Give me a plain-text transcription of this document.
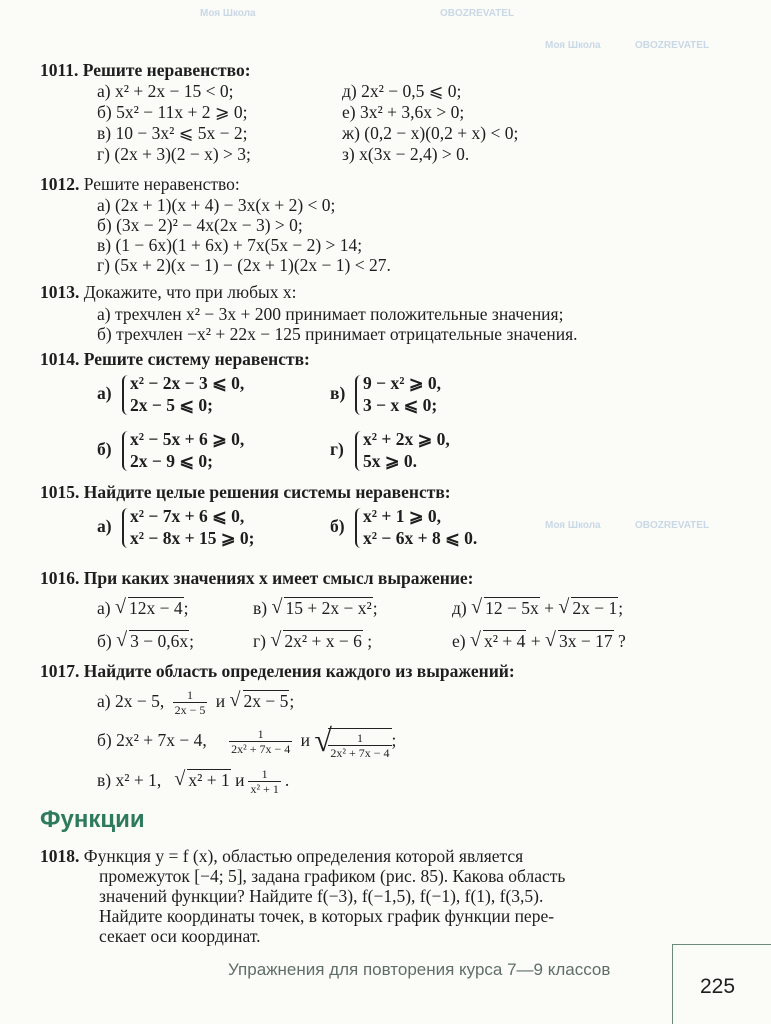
Моя Школа	OBOZREVATEL
Моя Школа	OBOZREVATEL
Моя Школа	OBOZREVATEL
1011. Решите неравенство:
а) x² + 2x − 15 < 0;
б) 5x² − 11x + 2 ⩾ 0;
в) 10 − 3x² ⩽ 5x − 2;
г) (2x + 3)(2 − x) > 3;
д) 2x² − 0,5 ⩽ 0;
е) 3x² + 3,6x > 0;
ж) (0,2 − x)(0,2 + x) < 0;
з) x(3x − 2,4) > 0.
1012. Решите неравенство:
а) (2x + 1)(x + 4) − 3x(x + 2) < 0;
б) (3x − 2)² − 4x(2x − 3) > 0;
в) (1 − 6x)(1 + 6x) + 7x(5x − 2) > 14;
г) (5x + 2)(x − 1) − (2x + 1)(2x − 1) < 27.
1013. Докажите, что при любых x:
а) трехчлен x² − 3x + 200 принимает положительные значения;
б) трехчлен −x² + 22x − 125 принимает отрицательные значения.
1014. Решите систему неравенств:
а) x² − 2x − 3 ⩽ 0,
2x − 5 ⩽ 0;
в) 9 − x² ⩾ 0,
3 − x ⩽ 0;
б) x² − 5x + 6 ⩾ 0,
2x − 9 ⩽ 0;
г) x² + 2x ⩾ 0,
5x ⩾ 0.
1015. Найдите целые решения системы неравенств:
а) x² − 7x + 6 ⩽ 0,
x² − 8x + 15 ⩾ 0;
б) x² + 1 ⩾ 0,
x² − 6x + 8 ⩽ 0.
1016. При каких значениях x имеет смысл выражение:
а) √ 12x − 4;	в) √ 15 + 2x − x²;	д) √ 12 − 5x + √ 2x − 1;
б) √ 3 − 0,6x;	г) √ 2x² + x − 6 ;	е) √ x² + 4 + √ 3x − 17 ?
1017. Найдите область определения каждого из выражений:
а) 2x − 5, $\frac{1}{2x - 5}$ и √ 2x − 5;
б) 2x² + 7x − 4, $\frac{1}{\text{2x² + 7x − 4}}$ и √ $\frac{1}{\text{2x² + 7x − 4}}$ ;
в) x² + 1, √ x² + 1 и $\frac{1}{\text{x² + 1}}$ .
Функции
1018. Функция y = f (x), областью определения которой является
промежуток [−4; 5], задана графиком (рис. 85). Какова область
значений функции? Найдите f(−3), f(−1,5), f(−1), f(1), f(3,5).
Найдите координаты точек, в которых график функции пере-
секает оси координат.
Упражнения для повторения курса 7—9 классов
225
